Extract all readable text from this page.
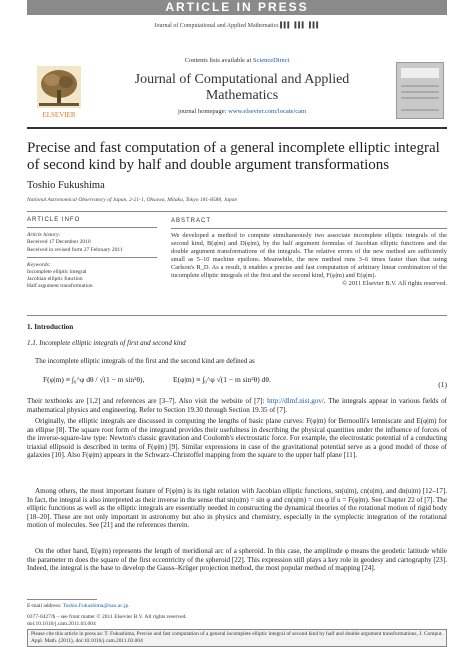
ARTICLE IN PRESS
Journal of Computational and Applied Mathematics ▌▌▌ ▌▌▌ ▌▌▌
Contents lists available at ScienceDirect
ELSEVIER
Journal of Computational and Applied Mathematics
journal homepage: www.elsevier.com/locate/cam
Precise and fast computation of a general incomplete elliptic integral of second kind by half and double argument transformations
Toshio Fukushima
National Astronomical Observatory of Japan, 2-21-1, Ohsawa, Mitaka, Tokyo 181-8588, Japan
ARTICLE INFO
Article history:
Received 17 December 2010
Received in revised form 27 February 2011
Keywords:
Incomplete elliptic integral
Jacobian elliptic function
Half argument transformation
ABSTRACT
We developed a method to compute simultaneously two associate incomplete elliptic integrals of the second kind, B(φ|m) and D(φ|m), by the half argument formulas of Jacobian elliptic functions and the double argument transformations of the integrals. The relative errors of the new method are sufficiently small as 5–10 machine epsilons. Meanwhile, the new method runs 3–6 times faster than that using Carlson's R_D. As a result, it enables a precise and fast computation of arbitrary linear combination of the incomplete elliptic integrals of the first and the second kind, F(φ|m) and E(φ|m).
© 2011 Elsevier B.V. All rights reserved.
1. Introduction
1.1. Incomplete elliptic integrals of first and second kind
The incomplete elliptic integrals of the first and the second kind are defined as
F(φ|m) ≡ ∫₀^φ dθ / √(1 − m sin²θ),	E(φ|m) ≡ ∫₀^φ √(1 − m sin²θ) dθ.
(1)
Their textbooks are [1,2] and references are [3–7]. Also visit the website of [7]: http://dlmf.nist.gov/. The integrals appear in various fields of mathematical physics and engineering. Refer to Section 19.30 through Section 19.35 of [7].
Originally, the elliptic integrals are discussed in computing the lengths of basic plane curves: F(φ|m) for Bernoulli's lemniscate and E(φ|m) for an ellipse [8]. The square root form of the integrand provides their usefulness in describing the physical quantities under the influence of forces of the inverse-square-law type: Newton's classic gravitation and Coulomb's electrostatic force. For example, the electrostatic potential of a conducting triaxial ellipsoid is described in terms of F(φ|m) [9]. Similar expressions in case of the gravitational potential serve as a good model of those of galaxies [10]. Also F(φ|m) appears in the Schwarz–Christoffel mapping from the square to the upper half plane [11].
Among others, the most important feature of F(φ|m) is its tight relation with Jacobian elliptic functions, sn(u|m), cn(u|m), and dn(u|m) [12–17]. In fact, the integral is also interpreted as their inverse in the sense that sn(u|m) = sin φ and cn(u|m) = cos φ if u = F(φ|m). See Chapter 22 of [7]. The elliptic functions as well as the elliptic integrals are essentially needed in constructing the dynamical theories of the rotational motion of rigid body [18–20]. These are not only important in astronomy but also in physics and chemistry, especially in the symplectic integration of the rotational motion of molecules. See [21] and the references therein.
On the other hand, E(φ|m) represents the length of meridional arc of a spheroid. In this case, the amplitude φ means the geodetic latitude while the parameter m does the square of the first eccentricity of the spheroid [22]. This expression still plays a key role in geodesy and cartography [23]. Indeed, the integral is the base to develop the Gauss–Krüger projection method, the most popular method of mapping [24].
E-mail address: Toshio.Fukushima@nao.ac.jp.
0377-0427/$ – see front matter © 2011 Elsevier B.V. All rights reserved.
doi:10.1016/j.cam.2011.03.004
Please cite this article in press as: T. Fukushima, Precise and fast computation of a general incomplete elliptic integral of second kind by half and double argument transformations, J. Comput. Appl. Math. (2011), doi:10.1016/j.cam.2011.03.004
